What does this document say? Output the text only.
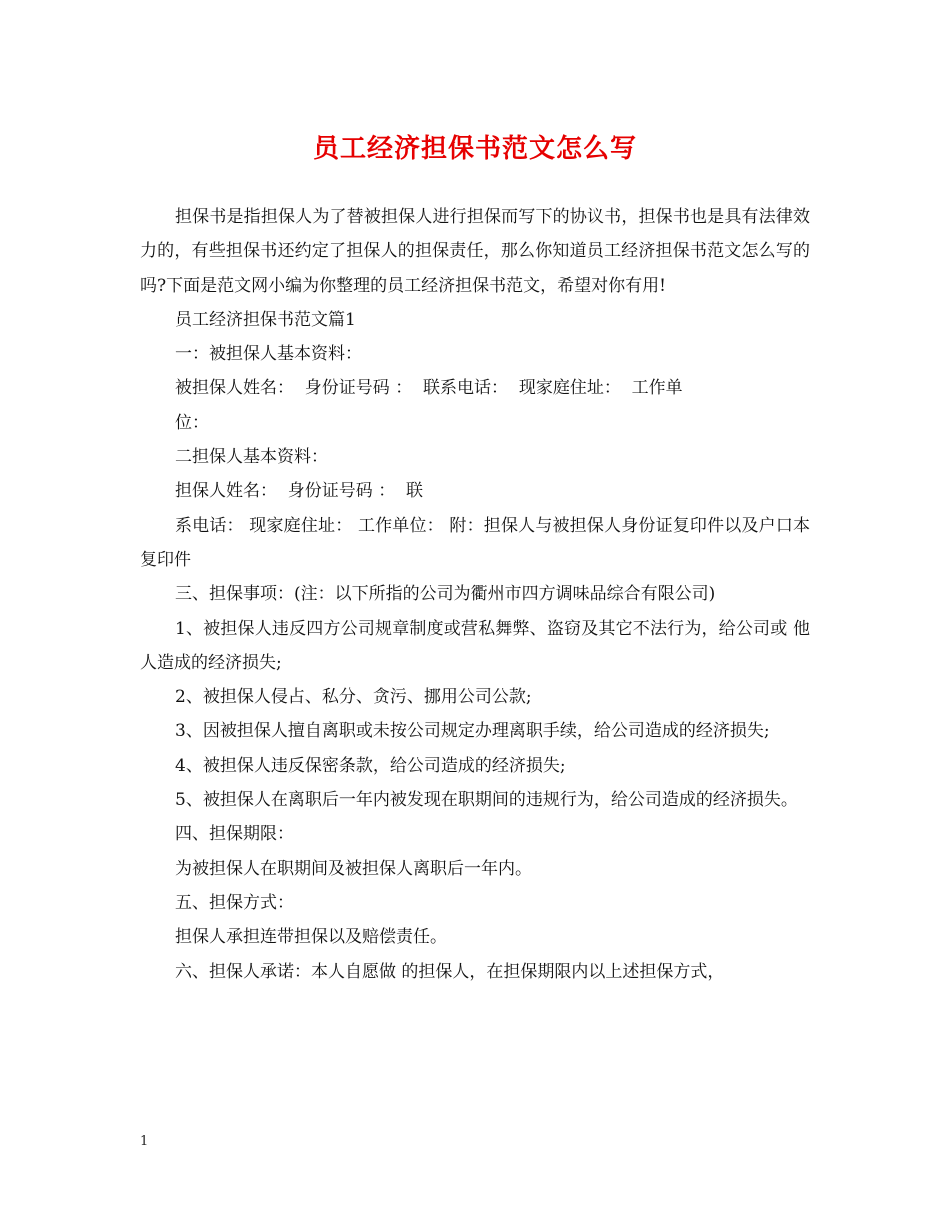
员工经济担保书范文怎么写

担保书是指担保人为了替被担保人进行担保而写下的协议书，担保书也是具有法律效力的，有些担保书还约定了担保人的担保责任，那么你知道员工经济担保书范文怎么写的吗?下面是范文网小编为你整理的员工经济担保书范文，希望对你有用!

员工经济担保书范文篇1

一：被担保人基本资料：

被担保人姓名：  身份证号码 ：  联系电话：  现家庭住址：  工作单

位：

二担保人基本资料：

担保人姓名：  身份证号码 ：  联

系电话： 现家庭住址： 工作单位： 附：担保人与被担保人身份证复印件以及户口本复印件

三、担保事项：(注：以下所指的公司为衢州市四方调味品综合有限公司)

1、被担保人违反四方公司规章制度或营私舞弊、盗窃及其它不法行为，给公司或 他人造成的经济损失;

2、被担保人侵占、私分、贪污、挪用公司公款;

3、因被担保人擅自离职或未按公司规定办理离职手续，给公司造成的经济损失;

4、被担保人违反保密条款，给公司造成的经济损失;

5、被担保人在离职后一年内被发现在职期间的违规行为，给公司造成的经济损失。

四、担保期限：

为被担保人在职期间及被担保人离职后一年内。

五、担保方式：

担保人承担连带担保以及赔偿责任。

六、担保人承诺：本人自愿做 的担保人，在担保期限内以上述担保方式，

1
